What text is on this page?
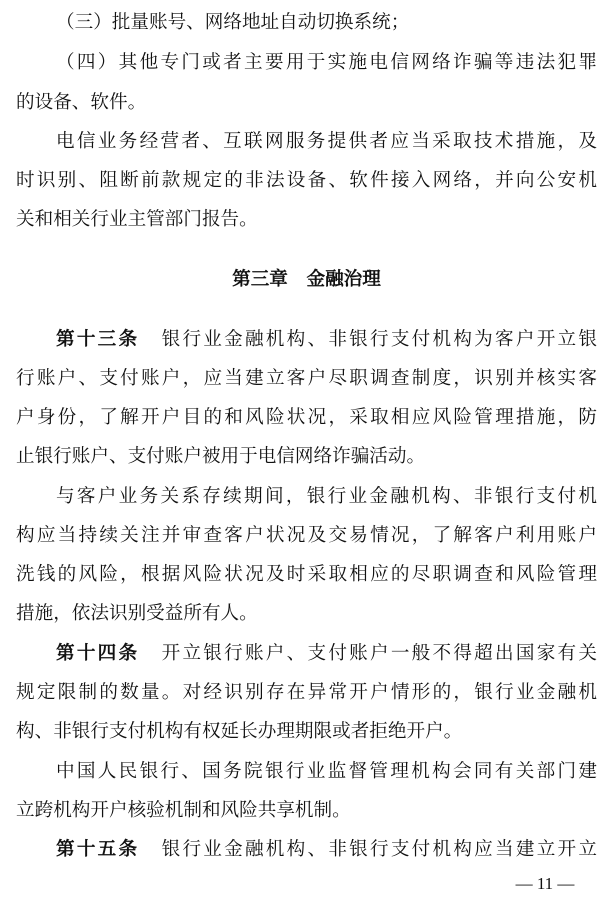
（三）批量账号、网络地址自动切换系统；
（四）其他专门或者主要用于实施电信网络诈骗等违法犯罪
的设备、软件。
电信业务经营者、互联网服务提供者应当采取技术措施，及
时识别、阻断前款规定的非法设备、软件接入网络，并向公安机
关和相关行业主管部门报告。
第三章　金融治理
第十三条 银行业金融机构、非银行支付机构为客户开立银
行账户、支付账户，应当建立客户尽职调查制度，识别并核实客
户身份，了解开户目的和风险状况，采取相应风险管理措施，防
止银行账户、支付账户被用于电信网络诈骗活动。
与客户业务关系存续期间，银行业金融机构、非银行支付机
构应当持续关注并审查客户状况及交易情况，了解客户利用账户
洗钱的风险，根据风险状况及时采取相应的尽职调查和风险管理
措施，依法识别受益所有人。
第十四条 开立银行账户、支付账户一般不得超出国家有关
规定限制的数量。对经识别存在异常开户情形的，银行业金融机
构、非银行支付机构有权延长办理期限或者拒绝开户。
中国人民银行、国务院银行业监督管理机构会同有关部门建
立跨机构开户核验机制和风险共享机制。
第十五条 银行业金融机构、非银行支付机构应当建立开立
— 11 —
